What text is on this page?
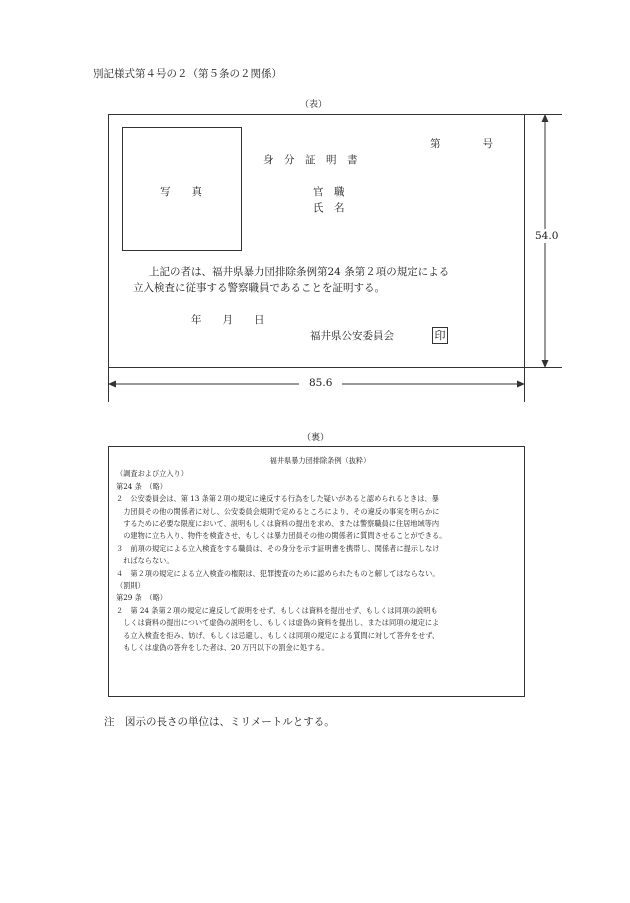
別記様式第４号の２（第５条の２関係）
（表）
写　　真
第　　　　号
身　分　証　明　書
官　職
氏　名
上記の者は、福井県暴力団排除条例第24 条第２項の規定による
立入検査に従事する警察職員であることを証明する。
年　　月　　日
福井県公安委員会	印
54.0
85.6
（裏）
福井県暴力団排除条例（抜粋）
（調査および立入り）
第24 条　（略）
２　公安委員会は、第 13 条第２項の規定に違反する行為をした疑いがあると認められるときは、暴
　力団員その他の関係者に対し、公安委員会規則で定めるところにより、その違反の事実を明らかに
　するために必要な限度において、説明もしくは資料の提出を求め、または警察職員に住居地域等内
　の建物に立ち入り、物件を検査させ、もしくは暴力団員その他の関係者に質問させることができる。
３　前項の規定による立入検査をする職員は、その身分を示す証明書を携帯し、関係者に提示しなけ
　ればならない。
４　第２項の規定による立入検査の権限は、犯罪捜査のために認められたものと解してはならない。
（罰則）
第29 条　（略）
２　第 24 条第２項の規定に違反して説明をせず、もしくは資料を提出せず、もしくは同項の説明も
　しくは資料の提出について虚偽の説明をし、もしくは虚偽の資料を提出し、または同項の規定によ
　る立入検査を拒み、妨げ、もしくは忌避し、もしくは同項の規定による質問に対して答弁をせず、
　もしくは虚偽の答弁をした者は、20 万円以下の罰金に処する。
注　図示の長さの単位は、ミリメートルとする。
